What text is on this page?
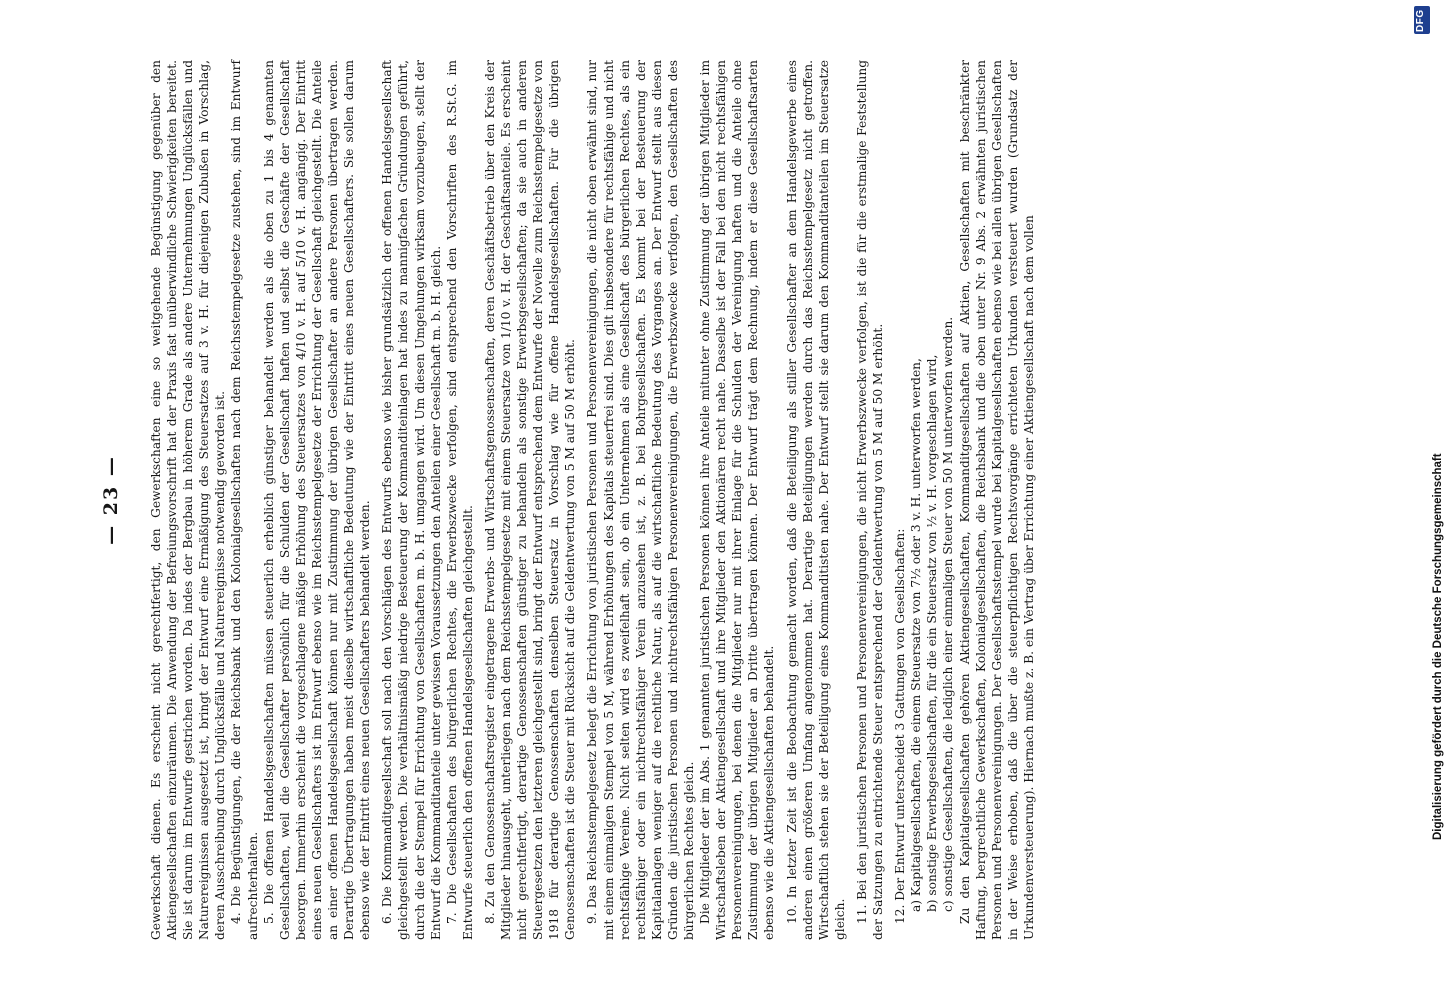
— 23 — Gewerkschaft dienen. Es erscheint nicht gerechtfertigt, den Gewerkschaften eine so weitgehende Begünstigung gegenüber den Aktiengesellschaften einzuräumen. Die Anwendung der Befreiungsvorschrift hat der Praxis fast unüberwindliche Schwierigkeiten bereitet. Sie ist darum im Entwurfe gestrichen worden. Da indes der Bergbau in höherem Grade als andere Unternehmungen Unglücksfällen und Naturereignissen ausgesetzt ist, bringt der Entwurf eine Ermäßigung des Steuersatzes auf 3 v. H. für diejenigen Zubußen in Vorschlag, deren Ausschreibung durch Unglücksfälle und Naturereignisse notwendig geworden ist. 4. Die Begünstigungen, die der Reichsbank und den Kolonialgesellschaften nach dem Reichsstempelgesetze zustehen, sind im Entwurf aufrechterhalten. 5. Die offenen Handelsgesellschaften müssen steuerlich erheblich günstiger behandelt werden als die oben zu 1 bis 4 genannten Gesellschaften, weil die Gesellschafter persönlich für die Schulden der Gesellschaft haften und selbst die Geschäfte der Gesellschaft besorgen. Immerhin erscheint die vorgeschlagene mäßige Erhöhung des Steuersatzes von 4/10 v. H. auf 5/10 v. H. angängig. Der Eintritt eines neuen Gesellschafters ist im Entwurf ebenso wie im Reichsstempelgesetze der Errichtung der Gesellschaft gleichgestellt. Die Anteile an einer offenen Handelsgesellschaft können nur mit Zustimmung der übrigen Gesellschafter an andere Personen übertragen werden. Derartige Übertragungen haben meist dieselbe wirtschaftliche Bedeutung wie der Eintritt eines neuen Gesellschafters. Sie sollen darum ebenso wie der Eintritt eines neuen Gesellschafters behandelt werden. 6. Die Kommanditgesellschaft soll nach den Vorschlägen des Entwurfs ebenso wie bisher grundsätzlich der offenen Handelsgesellschaft gleichgestellt werden. Die verhältnismäßig niedrige Besteuerung der Kommanditeinlagen hat indes zu mannigfachen Gründungen geführt, durch die der Stempel für Errichtung von Gesellschaften m. b. H. umgangen wird. Um diesen Umgehungen wirksam vorzubeugen, stellt der Entwurf die Kommanditanteile unter gewissen Voraussetzungen den Anteilen einer Gesellschaft m. b. H. gleich. 7. Die Gesellschaften des bürgerlichen Rechtes, die Erwerbszwecke verfolgen, sind entsprechend den Vorschriften des R.St.G. im Entwurfe steuerlich den offenen Handelsgesellschaften gleichgestellt. 8. Zu den Genossenschaftsregister eingetragene Erwerbs- und Wirtschaftsgenossenschaften, deren Geschäftsbetrieb über den Kreis der Mitglieder hinausgeht, unterliegen nach dem Reichsstempelgesetze mit einem Steuersatze von 1/10 v. H. der Geschäftsanteile. Es erscheint nicht gerechtfertigt, derartige Genossenschaften günstiger zu behandeln als sonstige Erwerbsgesellschaften; da sie auch in anderen Steuergesetzen den letzteren gleichgestellt sind, bringt der Entwurf entsprechend dem Entwurfe der Novelle zum Reichsstempelgesetze von 1918 für derartige Genossenschaften denselben Steuersatz in Vorschlag wie für offene Handelsgesellschaften. Für die übrigen Genossenschaften ist die Steuer mit Rücksicht auf die Geldentwertung von 5 M auf 50 M erhöht. 9. Das Reichsstempelgesetz belegt die Errichtung von juristischen Personen und Personenvereinigungen, die nicht oben erwähnt sind, nur mit einem einmaligen Stempel von 5 M, während Erhöhungen des Kapitals steuerfrei sind. Dies gilt insbesondere für rechtsfähige und nicht rechtsfähige Vereine. Nicht selten wird es zweifelhaft sein, ob ein Unternehmen als eine Gesellschaft des bürgerlichen Rechtes, als ein rechtsfähiger oder ein nichtrechtsfähiger Verein anzusehen ist, z. B. bei Bohrgesellschaften. Es kommt bei der Besteuerung der Kapitalanlagen weniger auf die rechtliche Natur, als auf die wirtschaftliche Bedeutung des Vorganges an. Der Entwurf stellt aus diesen Gründen die juristischen Personen und nichtrechtsfähigen Personenvereinigungen, die Erwerbszwecke verfolgen, den Gesellschaften des bürgerlichen Rechtes gleich. Die Mitglieder der im Abs. 1 genannten juristischen Personen können ihre Anteile mitunter ohne Zustimmung der übrigen Mitglieder im Wirtschaftsleben der Aktiengesellschaft und ihre Mitglieder den Aktionären recht nahe. Dasselbe ist der Fall bei den nicht rechtsfähigen Personenvereinigungen, bei denen die Mitglieder nur mit ihrer Einlage für die Schulden der Vereinigung haften und die Anteile ohne Zustimmung der übrigen Mitglieder an Dritte übertragen können. Der Entwurf trägt dem Rechnung, indem er diese Gesellschaftsarten ebenso wie die Aktiengesellschaften behandelt. 10. In letzter Zeit ist die Beobachtung gemacht worden, daß die Beteiligung als stiller Gesellschafter an dem Handelsgewerbe eines anderen einen größeren Umfang angenommen hat. Derartige Beteiligungen werden durch das Reichsstempelgesetz nicht getroffen. Wirtschaftlich stehen sie der Beteiligung eines Kommanditisten nahe. Der Entwurf stellt sie darum den Kommanditanteilen im Steuersatze gleich. 11. Bei den juristischen Personen und Personenvereinigungen, die nicht Erwerbszwecke verfolgen, ist die für die erstmalige Feststellung der Satzungen zu entrichtende Steuer entsprechend der Geldentwertung von 5 M auf 50 M erhöht. 12. Der Entwurf unterscheidet 3 Gattungen von Gesellschaften: a) Kapitalgesellschaften, die einem Steuersatze von 7½ oder 3 v. H. unterworfen werden, b) sonstige Erwerbsgesellschaften, für die ein Steuersatz von ½ v. H. vorgeschlagen wird, c) sonstige Gesellschaften, die lediglich einer einmaligen Steuer von 50 M unterworfen werden. Zu den Kapitalgesellschaften gehören Aktiengesellschaften, Kommanditgesellschaften auf Aktien, Gesellschaften mit beschränkter Haftung, bergrechtliche Gewerkschaften, Kolonialgesellschaften, die Reichsbank und die oben unter Nr. 9 Abs. 2 erwähnten juristischen Personen und Personenvereinigungen. Der Gesellschaftsstempel wurde bei Kapitalgesellschaften ebenso wie bei allen übrigen Gesellschaften in der Weise erhoben, daß die über die steuerpflichtigen Rechtsvorgänge errichteten Urkunden versteuert wurden (Grundsatz der Urkundenversteuerung). Hiernach mußte z. B. ein Vertrag über Errichtung einer Aktiengesellschaft nach dem vollen	Digitalisierung gefördert durch die Deutsche Forschungsgemeinschaft
DFG
